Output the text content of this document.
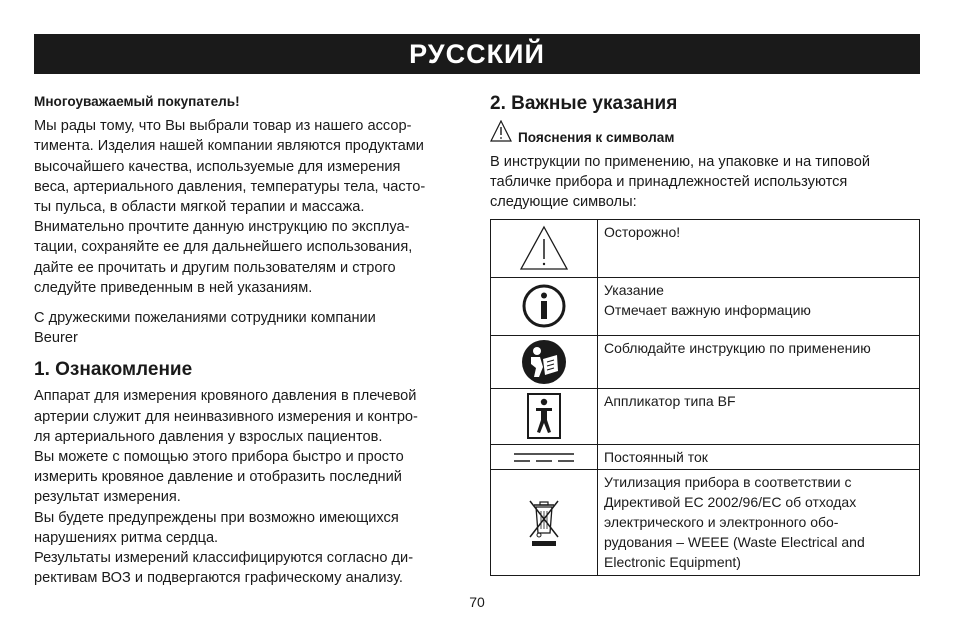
РУССКИЙ

Многоуважаемый покупатель!

Мы рады тому, что Вы выбрали товар из нашего ассор-
тимента. Изделия нашей компании являются продуктами
высочайшего качества, используемые для измерения
веса, артериального давления, температуры тела, часто-
ты пульса, в области мягкой терапии и массажа.
Внимательно прочтите данную инструкцию по эксплуа-
тации, сохраняйте ее для дальнейшего использования,
дайте ее прочитать и другим пользователям и строго
следуйте приведенным в ней указаниям.

С дружескими пожеланиями сотрудники компании
Beurer

1. Ознакомление

Аппарат для измерения кровяного давления в плечевой
артерии служит для неинвазивного измерения и контро-
ля артериального давления у взрослых пациентов.
Вы можете с помощью этого прибора быстро и просто
измерить кровяное давление и отобразить последний
результат измерения.
Вы будете предупреждены при возможно имеющихся
нарушениях ритма сердца.
Результаты измерений классифицируются согласно ди-
рективам ВОЗ и подвергаются графическому анализу.

2. Важные указания

Пояснения к символам

В инструкции по применению, на упаковке и на типовой
табличке прибора и принадлежностей используются
следующие символы:

Осторожно!

Указание
Отмечает важную информацию

Соблюдайте инструкцию по применению

Аппликатор типа BF

Постоянный ток

Утилизация прибора в соответствии с
Директивой ЕС 2002/96/ЕС об отходах
электрического и электронного обо-
рудования – WEEE (Waste Electrical and
Electronic Equipment)
70
